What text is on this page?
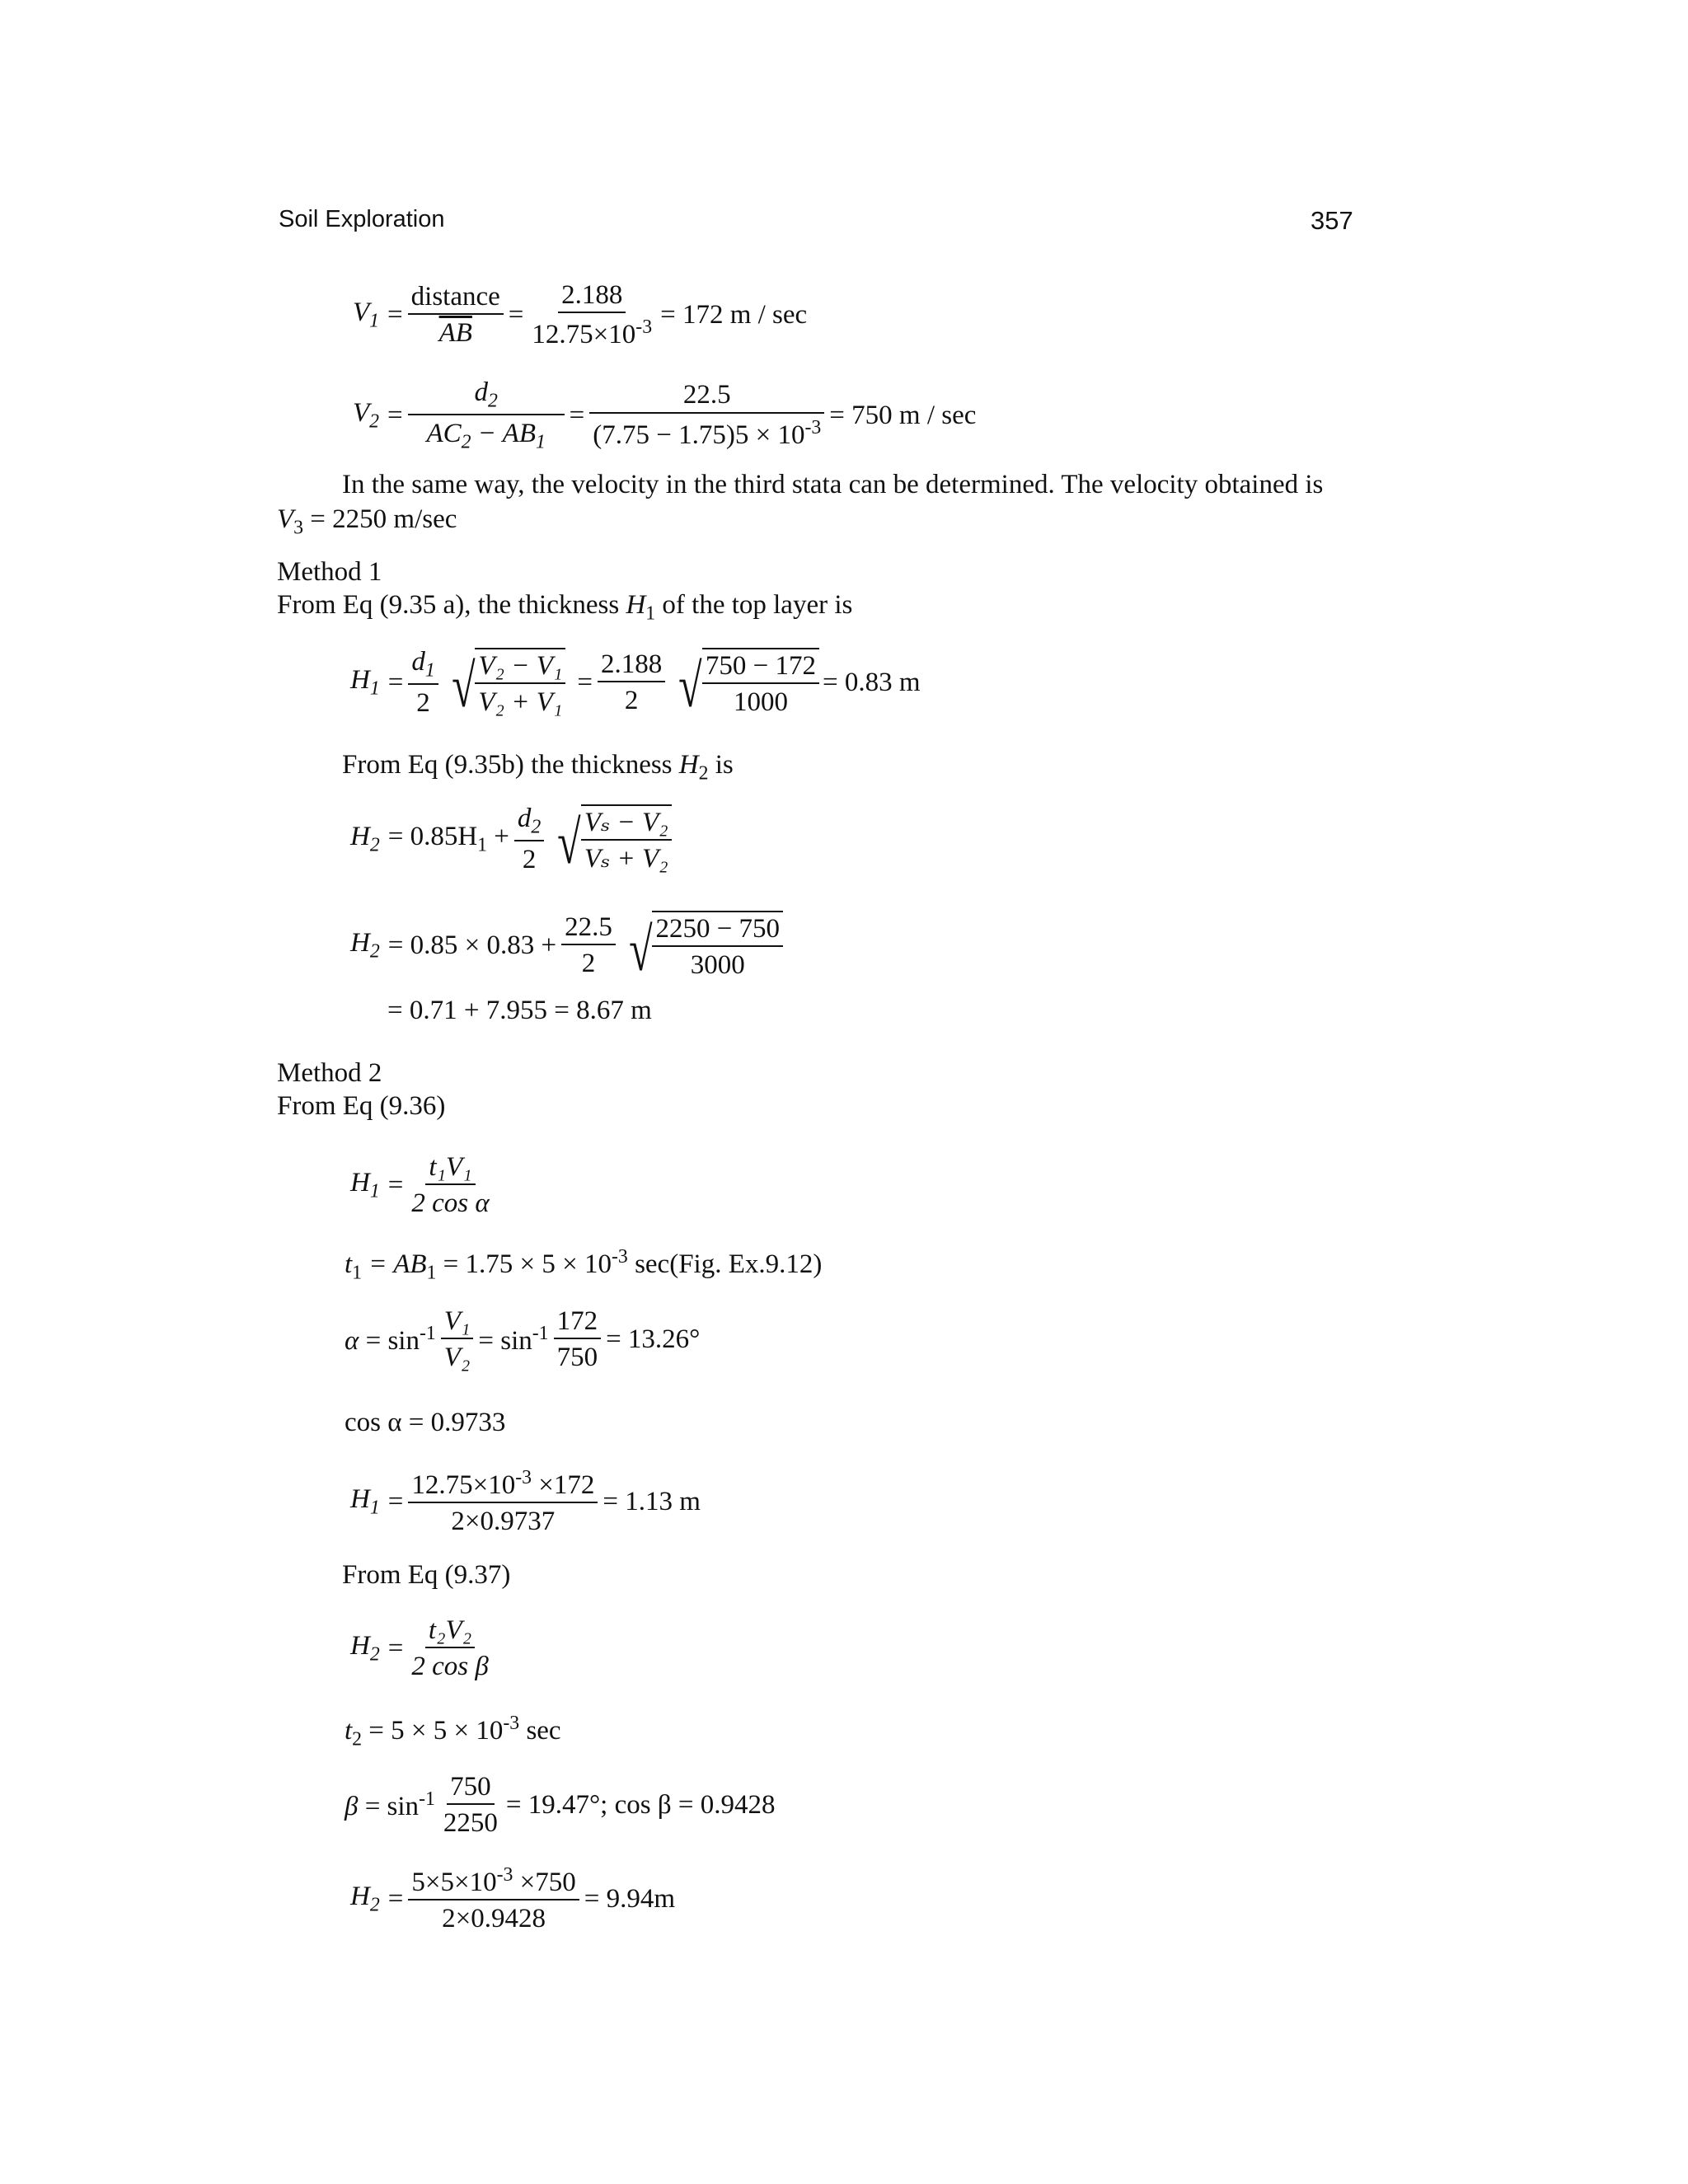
Soil Exploration	357
$V_1 = \frac{\text{distance}}{AB} = \frac{2.188}{12.75\times 10^{-3}} = 172$ m / sec
$V_2 = \frac{d_2}{AC_2 - AB_1} = \frac{22.5}{(7.75 - 1.75)5 \times 10^{-3}} = 750$ m / sec
In the same way, the velocity in the third stata can be determined. The velocity obtained is
$V_3 = 2250$ m/sec
Method 1
From Eq (9.35 a), the thickness $H_1$ of the top layer is
$H_1 = \frac{d_1}{2}$ √ $\frac{\text{V₂ − V₁}}{\text{V₂ + V₁}} = \frac{2.188}{2}$ √ $\frac{750 - 172}{1000} = 0.83$ m
From Eq (9.35b) the thickness $H_2$ is
$H_2 = 0.85H_1 + \frac{d_2}{2}$ √ $\frac{\text{Vₛ − V₂}}{\text{Vₛ + V₂}}$
$H_2 = 0.85 \times 0.83 + \frac{22.5}{2}$ √ $\frac{2250 - 750}{3000}$
= 0.71 + 7.955 = 8.67 m
Method 2
From Eq (9.36)
$H_1 = \frac{\text{t₁V₁}}{\text{2 cos α}}$
$t_1 = AB_1 = 1.75 \times 5 \times 10^{-3}$ sec(Fig. Ex.9.12)
$\alpha = \sin^{-1} \frac{\text{V₁}}{\text{V₂}} = \sin^{-1} \frac{172}{750} = 13.26^\circ$
cos α = 0.9733
$H_1 = \frac{12.75\times 10^{-3} \times 172}{2\times 0.9737} = 1.13$ m
From Eq (9.37)
$H_2 = \frac{\text{t₂V₂}}{\text{2 cos β}}$
$t_2 = 5 \times 5 \times 10^{-3}$ sec
$\beta = \sin^{-1} \frac{750}{2250} = 19.47^\circ$; cos β = 0.9428
$H_2 = \frac{5\times 5\times 10^{-3} \times 750}{2\times 0.9428} = 9.94m$
